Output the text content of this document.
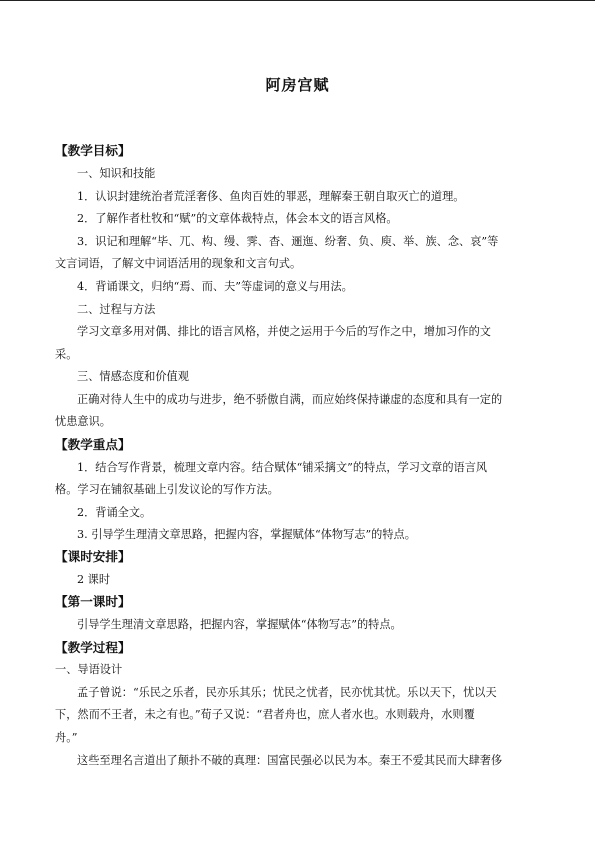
阿房宫赋
【教学目标】
一、知识和技能
1．认识封建统治者荒淫奢侈、鱼肉百姓的罪恶，理解秦王朝自取灭亡的道理。
2．了解作者杜牧和“赋”的文章体裁特点，体会本文的语言风格。
3．识记和理解“毕、兀、构、缦、霁、杳、逦迤、纷奢、负、庾、举、族、念、哀”等
文言词语，了解文中词语活用的现象和文言句式。
4．背诵课文，归纳“焉、而、夫”等虚词的意义与用法。
二、过程与方法
学习文章多用对偶、排比的语言风格，并使之运用于今后的写作之中，增加习作的文
采。
三、情感态度和价值观
正确对待人生中的成功与进步，绝不骄傲自满，而应始终保持谦虚的态度和具有一定的
忧患意识。
【教学重点】
1．结合写作背景，梳理文章内容。结合赋体“铺采摛文”的特点，学习文章的语言风
格。学习在铺叙基础上引发议论的写作方法。
2．背诵全文。
3. 引导学生理清文章思路，把握内容，掌握赋体“体物写志”的特点。
【课时安排】
2 课时
【第一课时】
引导学生理清文章思路，把握内容，掌握赋体“体物写志”的特点。
【教学过程】
一、导语设计
孟子曾说：“乐民之乐者，民亦乐其乐；忧民之忧者，民亦忧其忧。乐以天下，忧以天
下，然而不王者，未之有也。”荀子又说：“君者舟也，庶人者水也。水则载舟，水则覆
舟。”
这些至理名言道出了颠扑不破的真理：国富民强必以民为本。秦王不爱其民而大肆奢侈
